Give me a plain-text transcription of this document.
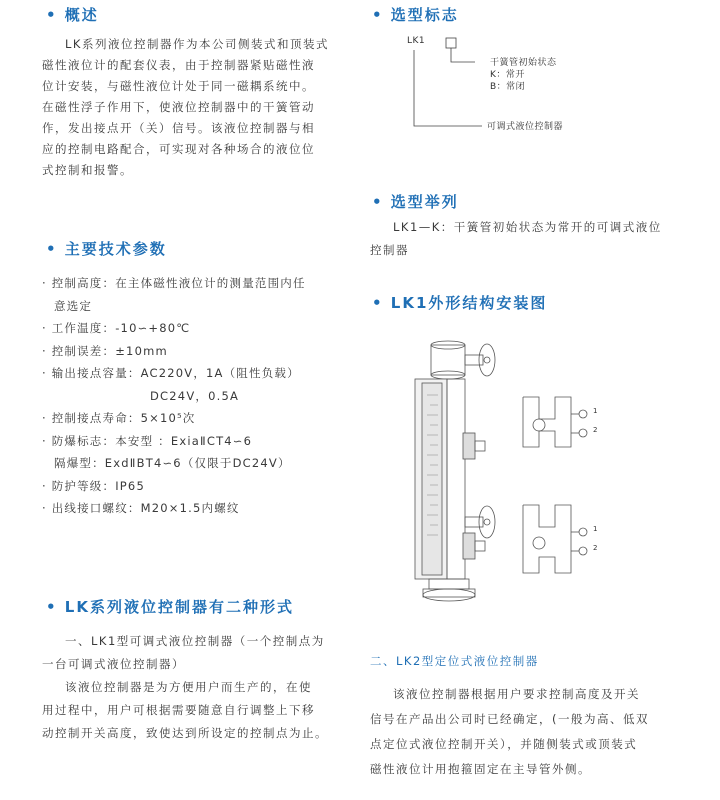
• 概述
LK系列液位控制器作为本公司侧装式和顶装式
磁性液位计的配套仪表，由于控制器紧贴磁性液
位计安装，与磁性液位计处于同一磁耦系统中。
在磁性浮子作用下，使液位控制器中的干簧管动
作，发出接点开（关）信号。该液位控制器与相
应的控制电路配合，可实现对各种场合的液位位
式控制和报警。
• 主要技术参数
· 控制高度：在主体磁性液位计的测量范围内任
意选定
· 工作温度：-10∽+80℃
· 控制误差：±10mm
· 输出接点容量：AC220V，1A（阻性负载）
DC24V，0.5A
· 控制接点寿命：5×10⁵次
· 防爆标志：本安型 ：ExiaⅡCT4∽6
隔爆型：ExdⅡBT4∽6（仅限于DC24V）
· 防护等级：IP65
· 出线接口螺纹：M20×1.5内螺纹
• LK系列液位控制器有二种形式
一、LK1型可调式液位控制器（一个控制点为
一台可调式液位控制器）
该液位控制器是为方便用户而生产的，在使
用过程中，用户可根据需要随意自行调整上下移
动控制开关高度，致使达到所设定的控制点为止。
• 选型标志
LK1
干簧管初始状态
K：常开
B：常闭
可调式液位控制器
• 选型举列
LK1—K：干簧管初始状态为常开的可调式液位
控制器
• LK1外形结构安装图
1
2
1
2
二、LK2型定位式液位控制器
该液位控制器根据用户要求控制高度及开关
信号在产品出公司时已经确定，(一般为高、低双
点定位式液位控制开关），并随侧装式或顶装式
磁性液位计用抱箍固定在主导管外侧。
